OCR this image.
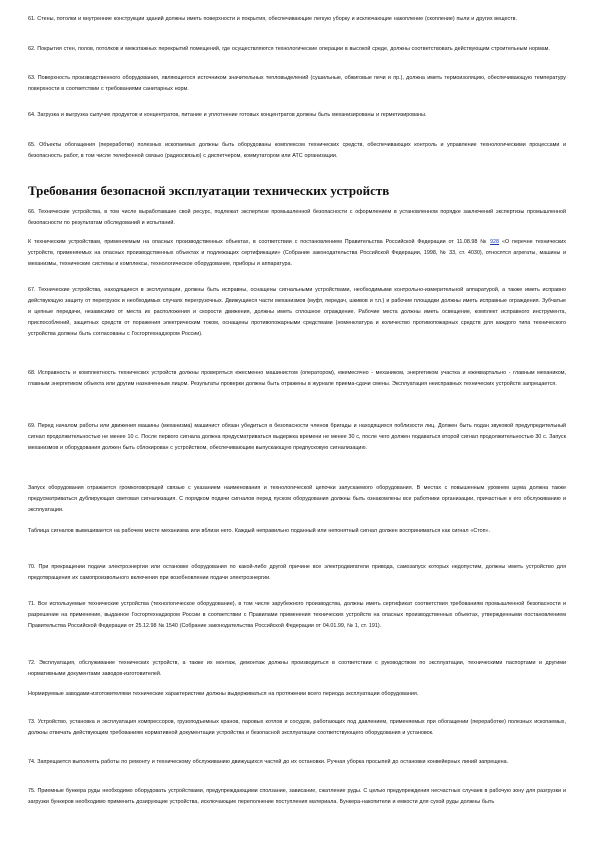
61. Стены, потолки и внутренние конструкции зданий должны иметь поверхности и покрытия, обеспечивающие легкую уборку и исключающие накопление (скопление) пыли и других веществ.

62. Покрытия стен, полов, потолков и межэтажных перекрытий помещений, где осуществляются технологические операции в высокой среде, должны соответствовать действующим строительным нормам.

63. Поверхность производственного оборудования, являющегося источником значительных тепловыделений (сушильные, обжиговые печи и пр.), должна иметь термоизоляцию, обеспечивающую температуру поверхности в соответствии с требованиями санитарных норм.

64. Загрузка и выгрузка сыпучих продуктов и концентратов, питание и уплотнение готовых концентратов должны быть механизированы и герметизированы.

65. Объекты обогащения (переработки) полезных ископаемых должны быть оборудованы комплексом технических средств, обеспечивающих контроль и управление технологическими процессами и безопасность работ, в том числе телефонной связью (радиосвязью) с диспетчером, коммутатором или АТС организации.

Требования безопасной эксплуатации технических устройств

66. Технические устройства, в том числе выработавшие свой ресурс, подлежат экспертизе промышленной безопасности с оформлением в установленном порядке заключений экспертизы промышленной безопасности по результатам обследований и испытаний.

К техническим устройствам, применяемым на опасных производственных объектах, в соответствии с постановлением Правительства Российской Федерации от 11.08.98 № 928 «О перечне технических устройств, применяемых на опасных производственных объектах и подлежащих сертификации» (Собрание законодательства Российской Федерации, 1998, № 33, ст. 4030), относятся агрегаты, машины и механизмы, технические системы и комплексы, технологическое оборудование, приборы и аппаратура.

67. Технические устройства, находящиеся в эксплуатации, должны быть исправны, оснащены сигнальными устройствами, необходимыми контрольно-измерительной аппаратурой, а также иметь исправно действующую защиту от перегрузок и необходимых случаях перегрузочных. Движущиеся части механизмов (муфт, передач, шкивов и т.п.) и рабочие площадки должны иметь исправные ограждения. Зубчатые и цепные передачи, независимо от места их расположения и скорости движения, должны иметь сплошное ограждение. Рабочие места должны иметь освещение, комплект исправного инструмента, приспособлений, защитных средств от поражения электрическим током, оснащены противопожарными средствами (номенклатура и количество противопожарных средств для каждого типа технического устройства должны быть согласованы с Госгортехнадзором России).

68. Исправность и комплектность технических устройств должны проверяться ежесменно машинистом (оператором), ежемесячно - механиком, энергетиком участка и ежеквартально - главным механиком, главным энергетиком объекта или другим назначенным лицом. Результаты проверки должны быть отражены в журнале приема-сдачи смены. Эксплуатация неисправных технических устройств запрещается.

69. Перед началом работы или движения машины (механизма) машинист обязан убедиться в безопасности членов бригады и находящихся поблизости лиц. Должен быть подан звуковой предупредительный сигнал продолжительностью не менее 10 с. После первого сигнала должна предусматриваться выдержка времени не менее 30 с, после чего должен подаваться второй сигнал продолжительностью 30 с. Запуск механизмов и оборудования должен быть сблокирован с устройством, обеспечивающим выпускающую предпусковую сигнализацию.

Запуск оборудования отражается громкоговорящей связью с указанием наименования и технологической цепочки запускаемого оборудования. В местах с повышенным уровнем шума должна также предусматриваться дублирующая световая сигнализация. С порядком подачи сигналов перед пуском оборудования должны быть ознакомлены все работники организации, причастные к его обслуживанию и эксплуатации.

Таблица сигналов вывешивается на рабочем месте механизма или вблизи него. Каждый неправильно поданный или непонятный сигнал должен восприниматься как сигнал «Стоп».

70. При прекращении подачи электроэнергии или остановке оборудования по какой-либо другой причине все электродвигатели привода, самозапуск которых недопустим, должны иметь устройство для предотвращения их самопроизвольного включения при возобновлении подачи электроэнергии.

71. Все используемые технические устройства (технологическое оборудование), в том числе зарубежного производства, должны иметь сертификат соответствия требованиям промышленной безопасности и разрешение на применение, выданное Госгортехнадзором России в соответствии с Правилами применения технических устройств на опасных производственных объектах, утвержденными постановлением Правительства Российской Федерации от 25.12.98 № 1540 (Собрание законодательства Российской Федерации от 04.01.99, № 1, ст. 191).

72. Эксплуатация, обслуживание технических устройств, а также их монтаж, демонтаж должны производиться в соответствии с руководством по эксплуатации, техническими паспортами и другими нормативными документами заводов-изготовителей.

Нормируемые заводами-изготовителями технические характеристики должны выдерживаться на протяжении всего периода эксплуатации оборудования.

73. Устройство, установка и эксплуатация компрессоров, грузоподъемных кранов, паровых котлов и сосудов, работающих под давлением, применяемых при обогащении (переработке) полезных ископаемых, должны отвечать действующим требованиям нормативной документации устройства и безопасной эксплуатации соответствующего оборудования и установок.

74. Запрещается выполнять работы по ремонту и техническому обслуживанию движущихся частей до их остановки. Ручная уборка просыпей до остановки конвейерных линий запрещена.

75. Приемные бункера руды необходимо оборудовать устройствами, предупреждающими сползание, зависание, сжатление руды. С целью предупреждения несчастных случаев в рабочую зону для разгрузки и загрузки бункеров необходимо применить дозирующие устройства, исключающие переполнение поступления материала. Бункера-накопители и емкости для сухой руды должны быть
